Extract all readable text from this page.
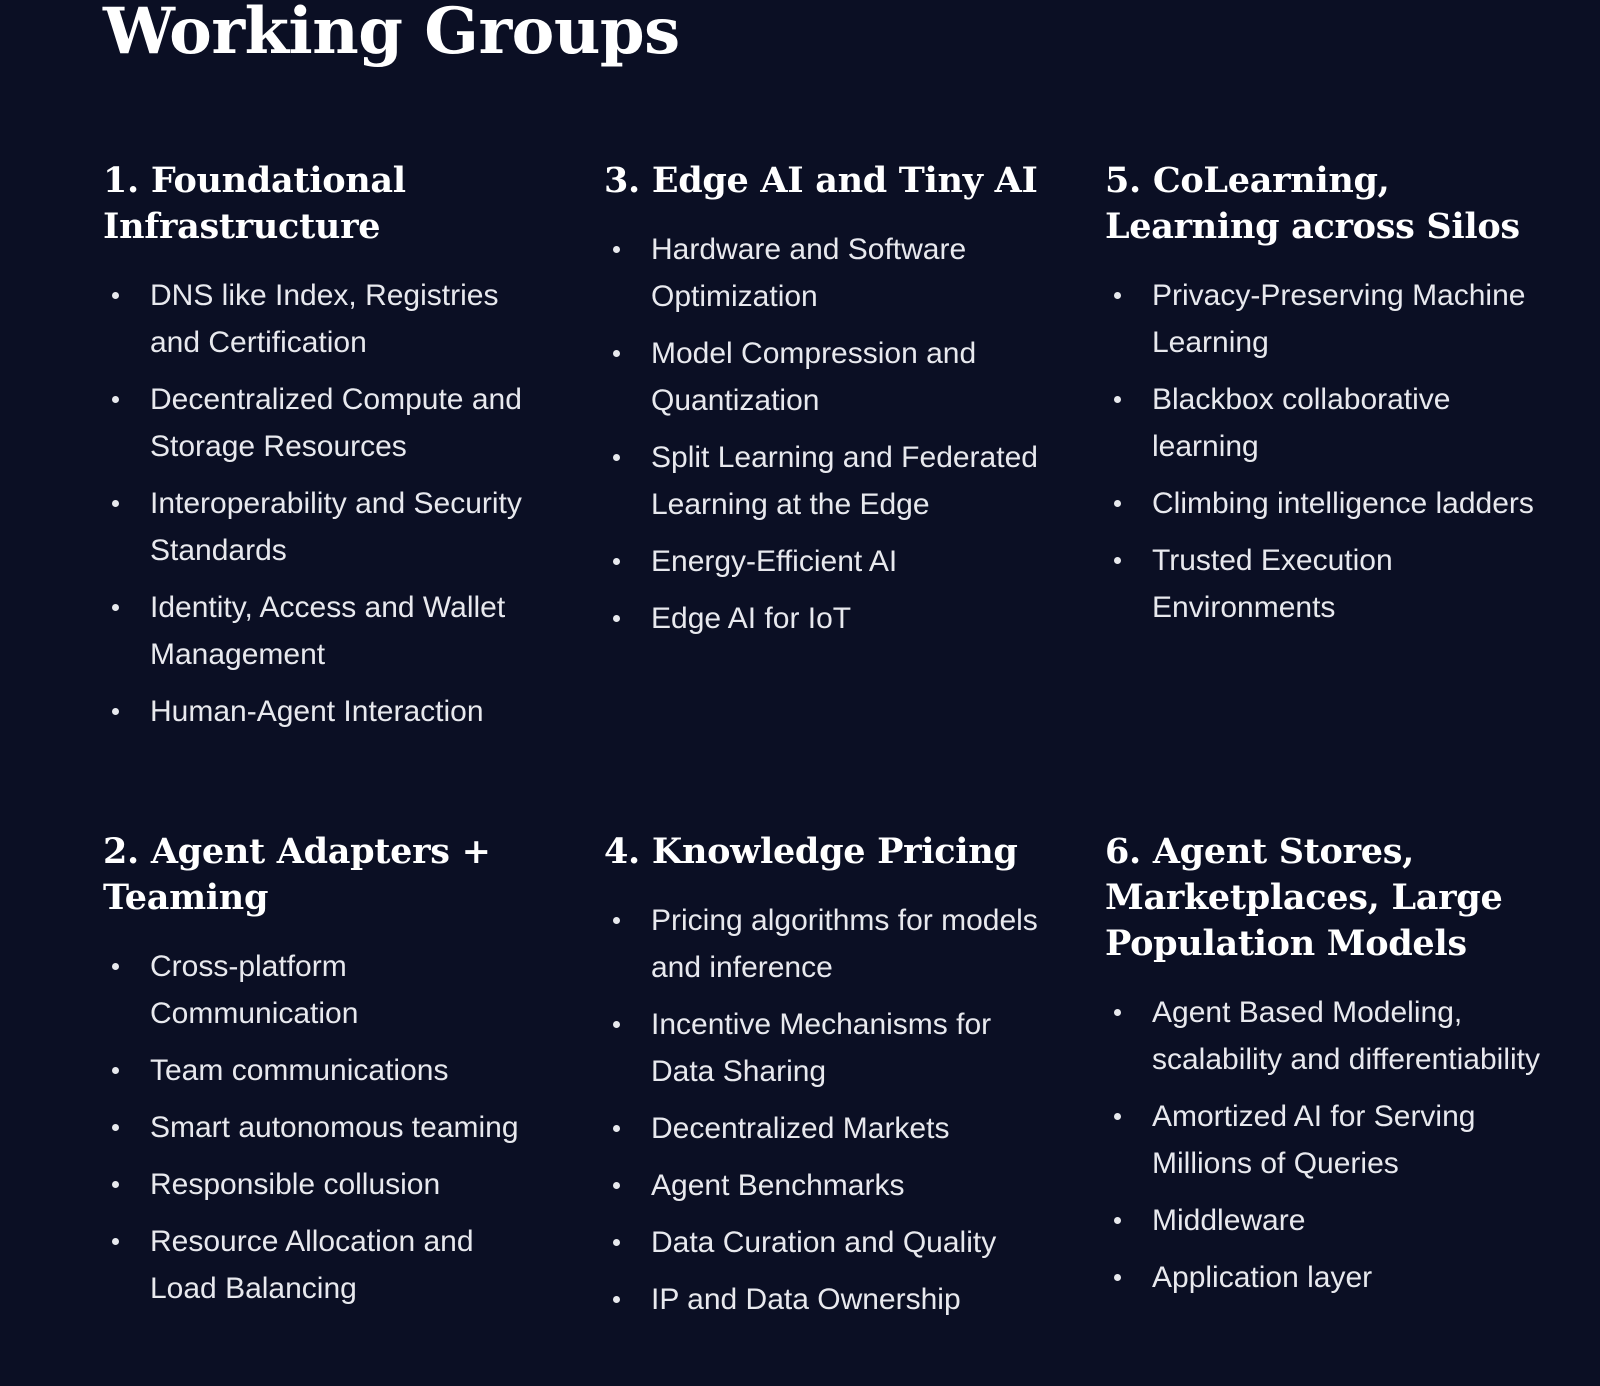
Working Groups
1. Foundational Infrastructure
DNS like Index, Registries and Certification
Decentralized Compute and Storage Resources
Interoperability and Security Standards
Identity, Access and Wallet Management
Human-Agent Interaction
3. Edge AI and Tiny AI
Hardware and Software Optimization
Model Compression and Quantization
Split Learning and Federated Learning at the Edge
Energy-Efficient AI
Edge AI for IoT
5. CoLearning, Learning across Silos
Privacy-Preserving Machine Learning
Blackbox collaborative learning
Climbing intelligence ladders
Trusted Execution Environments
2. Agent Adapters + Teaming
Cross-platform Communication
Team communications
Smart autonomous teaming
Responsible collusion
Resource Allocation and Load Balancing
4. Knowledge Pricing
Pricing algorithms for models and inference
Incentive Mechanisms for Data Sharing
Decentralized Markets
Agent Benchmarks
Data Curation and Quality
IP and Data Ownership
6. Agent Stores, Marketplaces, Large Population Models
Agent Based Modeling, scalability and differentiability
Amortized AI for Serving Millions of Queries
Middleware
Application layer
